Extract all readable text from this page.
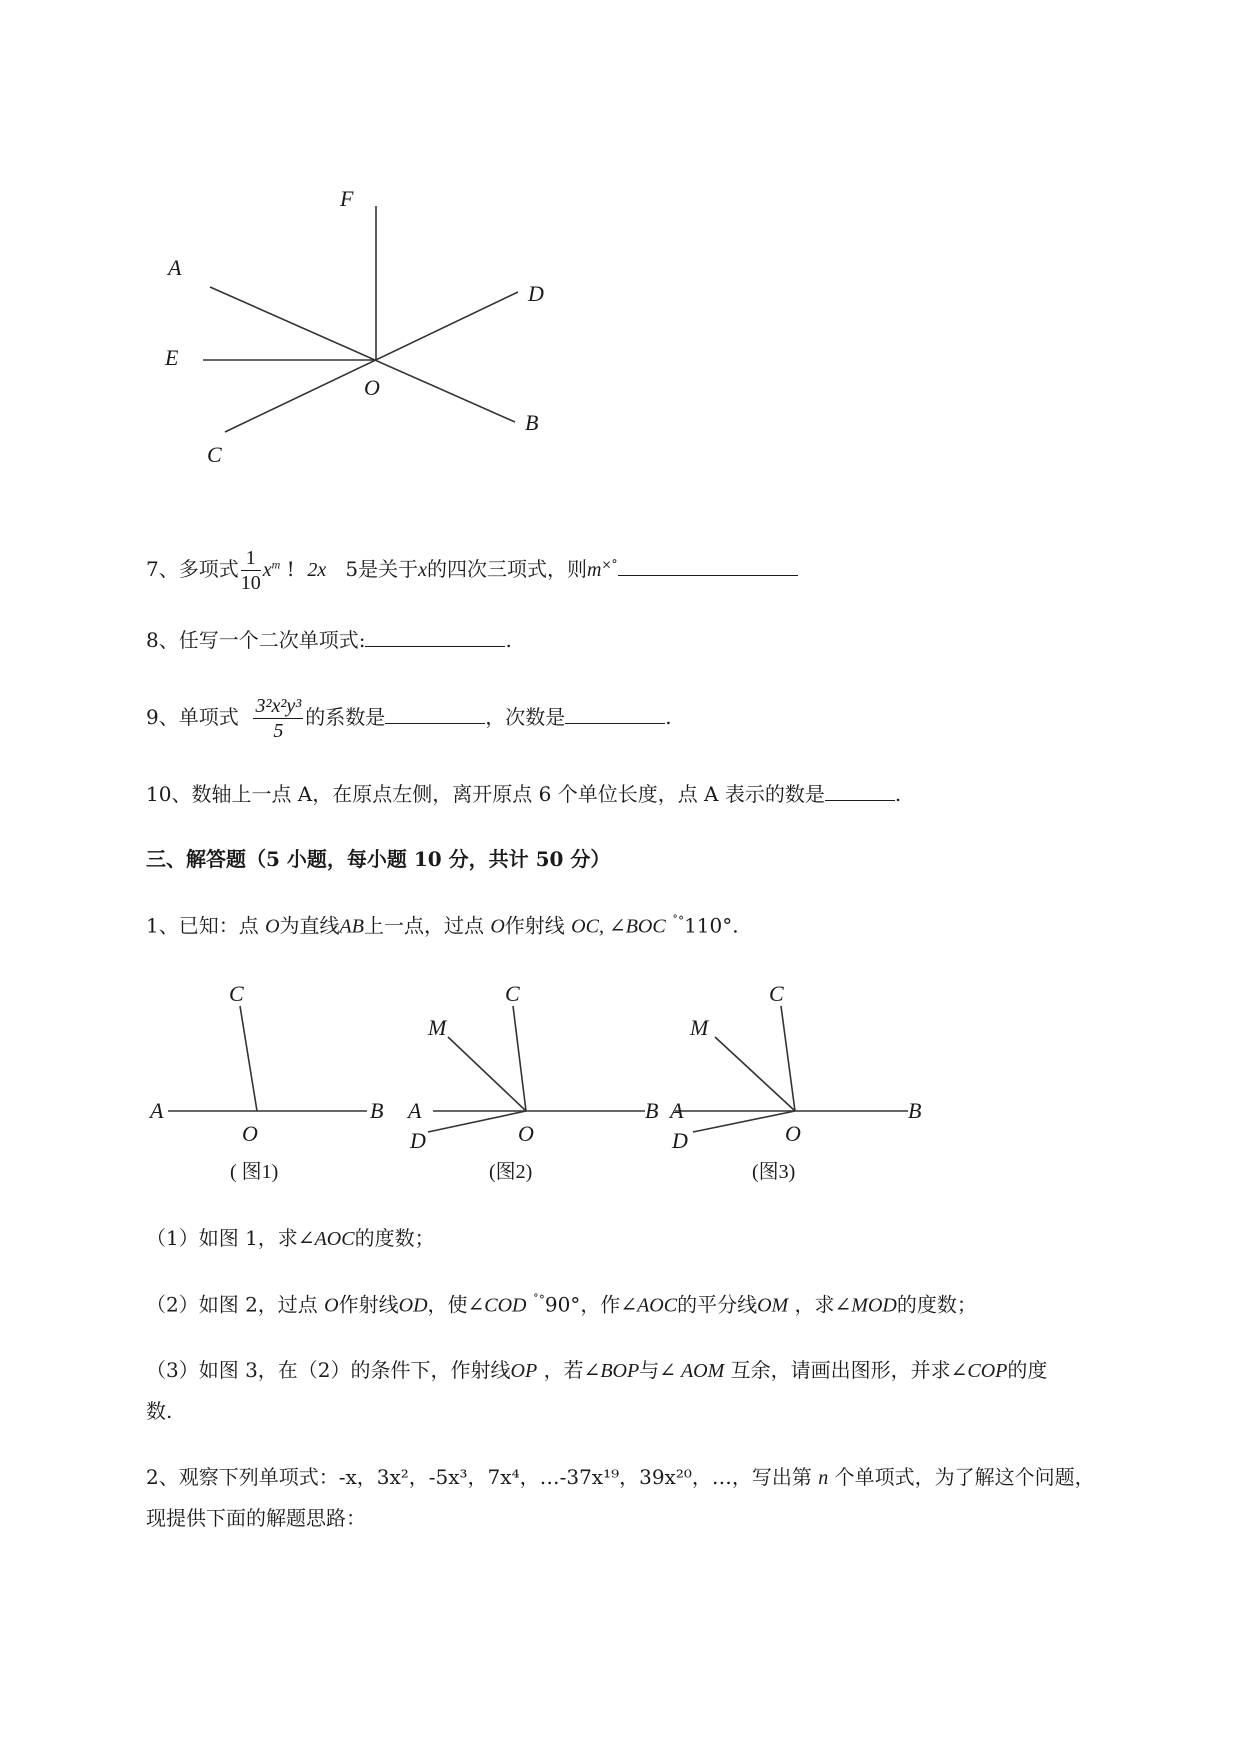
F
A
D
E
O
B
C
7、多项式 $\frac{1}{10} x^m$ ! 2x 5是关于x的四次三项式，则m×°
8、任写一个二次单项式:	.
9、单项式 $\frac{\text{3²x²y³}}{5}$ 的系数是	，次数是	.
10、数轴上一点 A，在原点左侧，离开原点 6 个单位长度，点 A 表示的数是	.
三、解答题（5 小题，每小题 10 分，共计 50 分）
1、已知：点 O为直线AB上一点，过点 O作射线 OC, ∠BOC ˚°110°.
C
A
O
B
( 图1)
C
M
A
O
B
D
(图2)
C
M
A
O
B
D
(图3)
（1）如图 1，求∠AOC的度数；
（2）如图 2，过点 O作射线OD，使∠COD ˚°90°，作∠AOC的平分线OM ，求∠MOD的度数；
（3）如图 3，在（2）的条件下，作射线OP ，若∠BOP与∠ AOM 互余，请画出图形，并求∠COP的度
数.
2、观察下列单项式：-x，3x²，-5x³，7x⁴，…-37x¹⁹，39x²⁰，…，写出第 n 个单项式，为了解这个问题，
现提供下面的解题思路：
